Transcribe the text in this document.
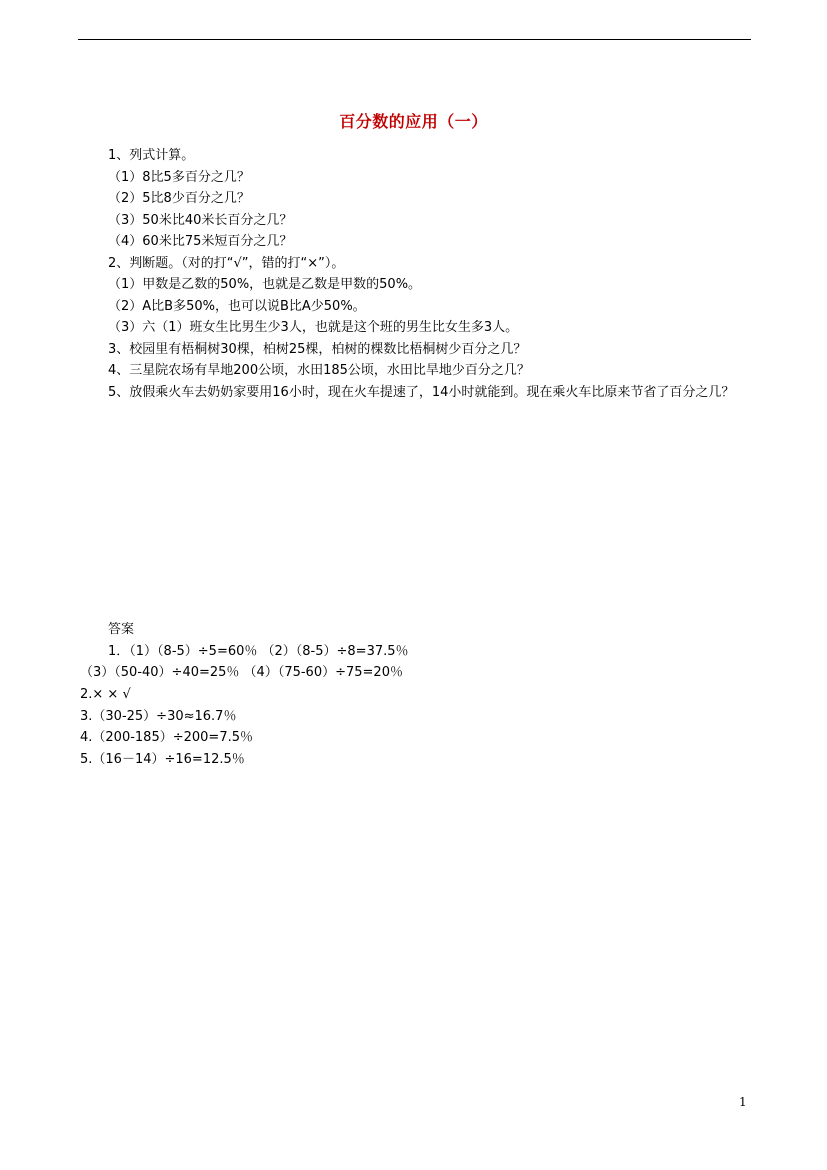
百分数的应用（一）
1、列式计算。
（1）8比5多百分之几？
（2）5比8少百分之几？
（3）50米比40米长百分之几？
（4）60米比75米短百分之几？
2、判断题。（对的打“√”，错的打“×”）。
（1）甲数是乙数的50%，也就是乙数是甲数的50%。
（2）A比B多50%，也可以说B比A少50%。
（3）六（1）班女生比男生少3人，也就是这个班的男生比女生多3人。
3、校园里有梧桐树30棵，柏树25棵，柏树的棵数比梧桐树少百分之几？
4、三星院农场有旱地200公顷，水田185公顷，水田比旱地少百分之几？
5、放假乘火车去奶奶家要用16小时，现在火车提速了，14小时就能到。现在乘火车比原来节省了百分之几？
答案
1．（1）（8-5）÷5=60％ （2）（8-5）÷8=37.5％
（3）（50-40）÷40=25％ （4）（75-60）÷75=20％
2.× × √
3.（30-25）÷30≈16.7％
4.（200-185）÷200=7.5％
5.（16－14）÷16=12.5％
1
